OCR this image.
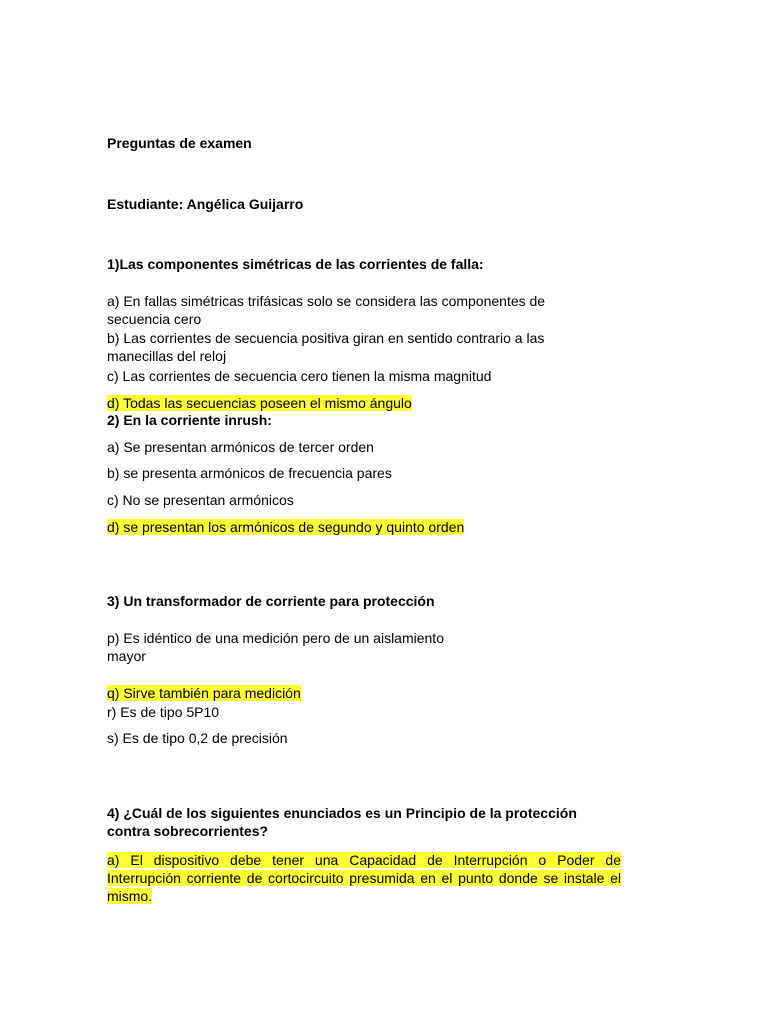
Preguntas de examen

Estudiante: Angélica Guijarro

1)Las componentes simétricas de las corrientes de falla:

a) En fallas simétricas trifásicas solo se considera las componentes de

secuencia cero

b) Las corrientes de secuencia positiva giran en sentido contrario a las

manecillas del reloj

c) Las corrientes de secuencia cero tienen la misma magnitud

d) Todas las secuencias poseen el mismo ángulo

2) En la corriente inrush:

a) Se presentan armónicos de tercer orden

b) se presenta armónicos de frecuencia pares

c) No se presentan armónicos

d) se presentan los armónicos de segundo y quinto orden

3) Un transformador de corriente para protección

p) Es idéntico de una medición pero de un aislamiento

mayor

q) Sirve también para medición

r) Es de tipo 5P10

s) Es de tipo 0,2 de precisión

4) ¿Cuál de los siguientes enunciados es un Principio de la protección

contra sobrecorrientes?

a) El dispositivo debe tener una Capacidad de Interrupción o Poder de Interrupción corriente de cortocircuito presumida en el punto donde se instale el mismo.
